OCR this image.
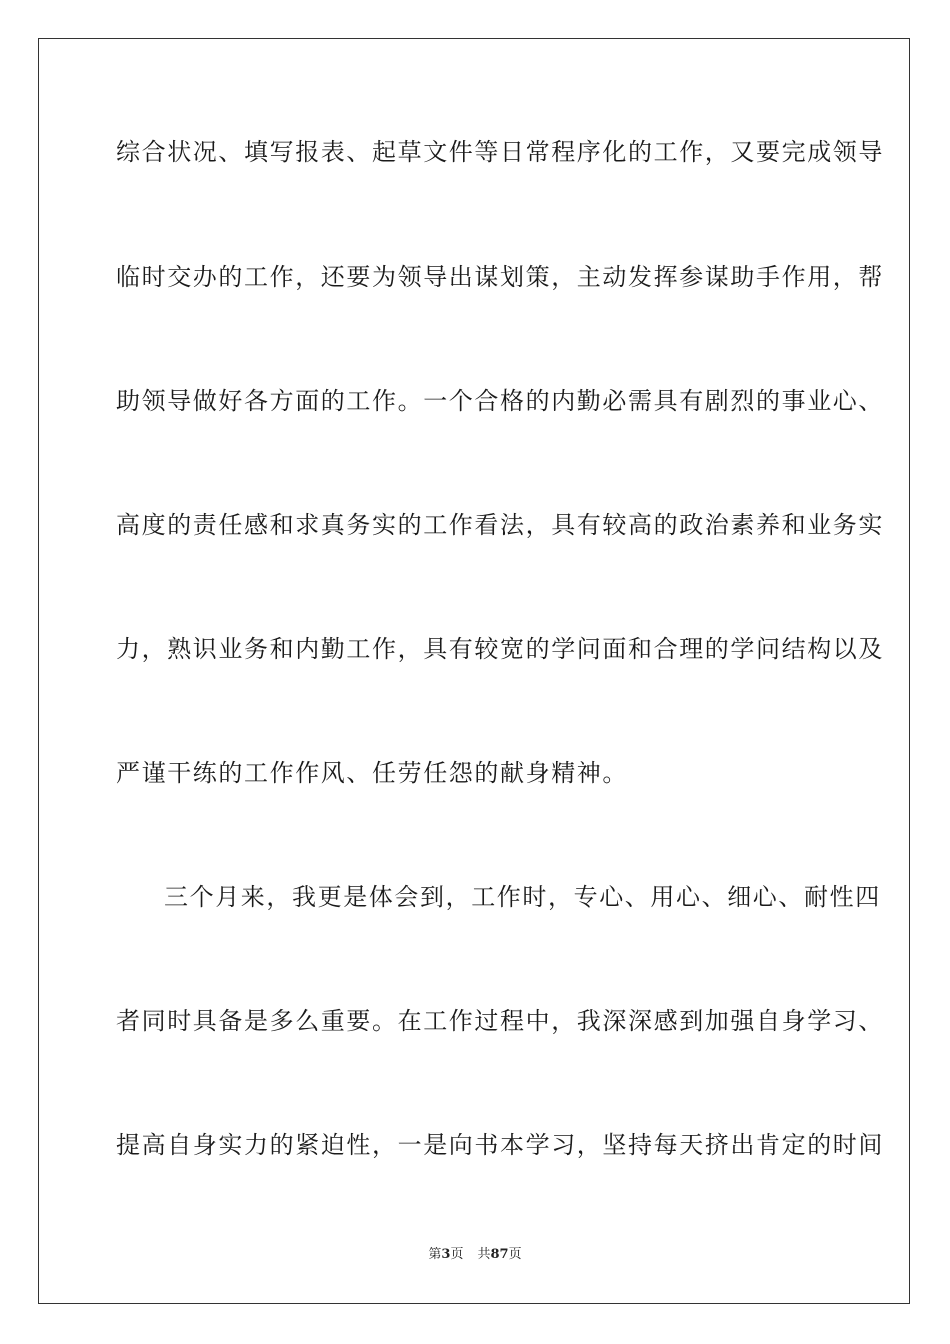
综合状况、填写报表、起草文件等日常程序化的工作，又要完成领导
临时交办的工作，还要为领导出谋划策，主动发挥参谋助手作用，帮
助领导做好各方面的工作。一个合格的内勤必需具有剧烈的事业心、
高度的责任感和求真务实的工作看法，具有较高的政治素养和业务实
力，熟识业务和内勤工作，具有较宽的学问面和合理的学问结构以及
严谨干练的工作作风、任劳任怨的献身精神。
三个月来，我更是体会到，工作时，专心、用心、细心、耐性四
者同时具备是多么重要。在工作过程中，我深深感到加强自身学习、
提高自身实力的紧迫性，一是向书本学习，坚持每天挤出肯定的时间
第3页 共87页
